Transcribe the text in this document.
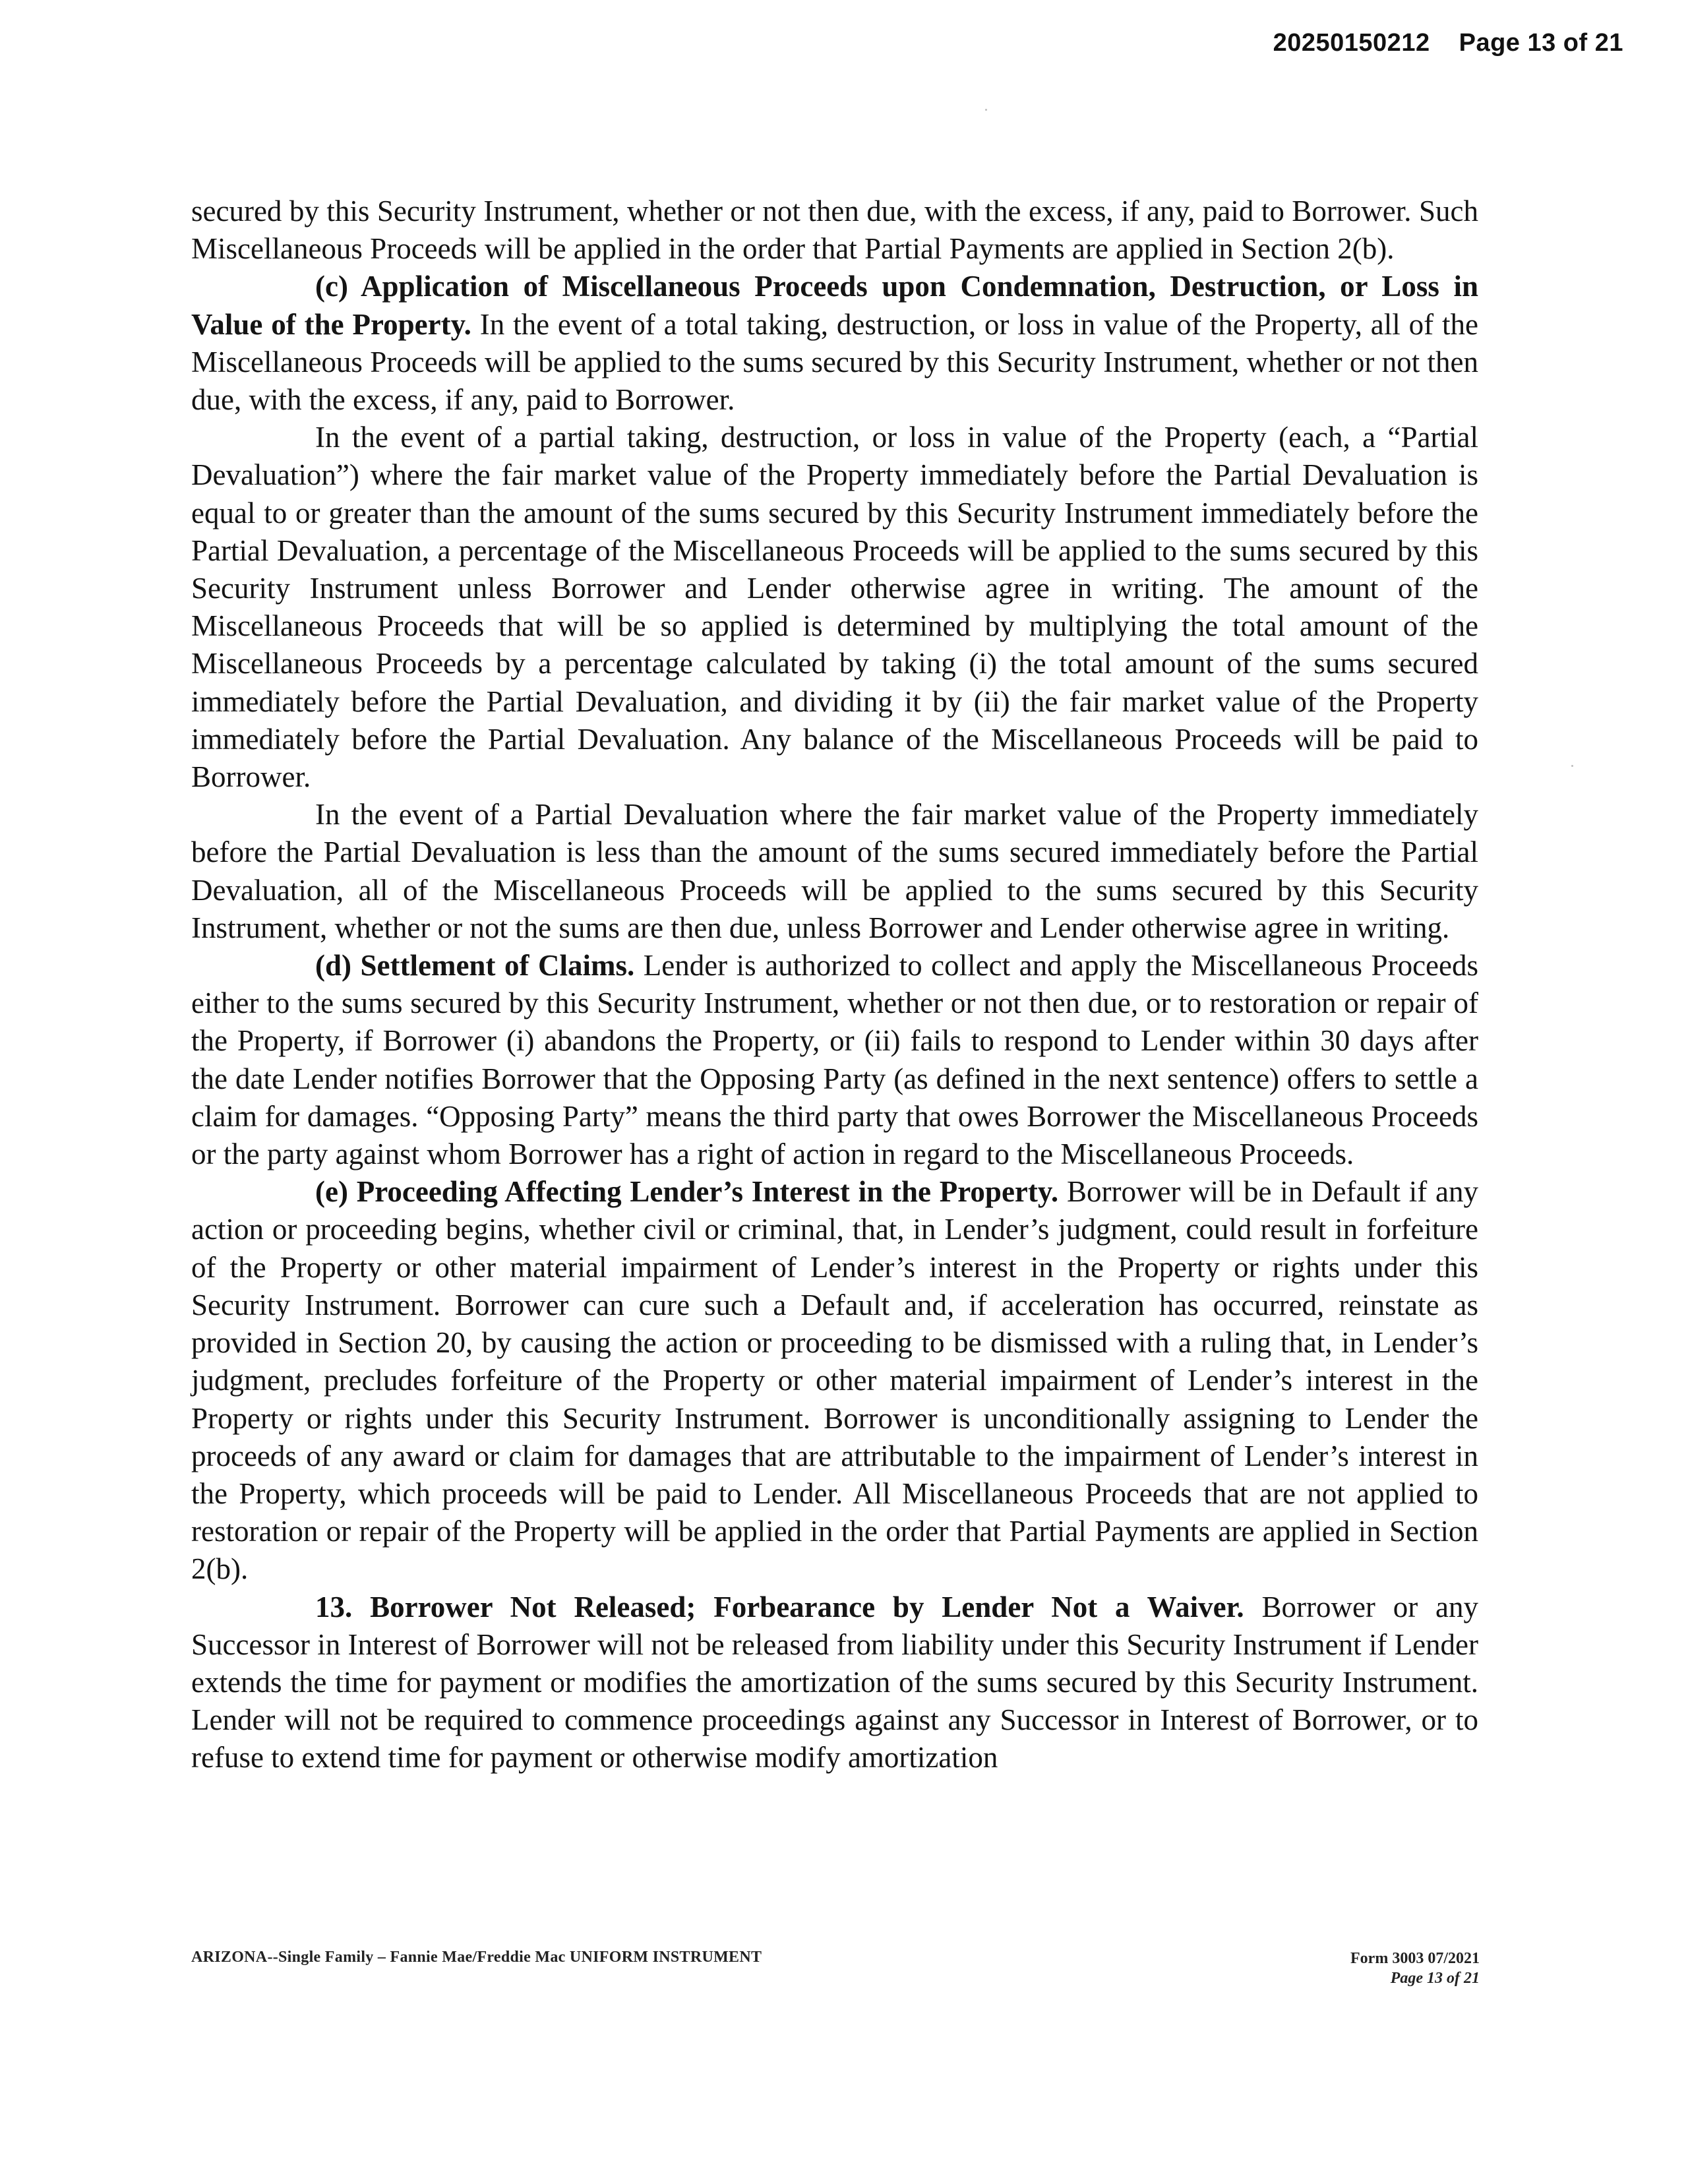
20250150212 Page 13 of 21

secured by this Security Instrument, whether or not then due, with the excess, if any, paid to Borrower. Such Miscellaneous Proceeds will be applied in the order that Partial Payments are applied in Section 2(b).

(c) Application of Miscellaneous Proceeds upon Condemnation, Destruction, or Loss in Value of the Property. In the event of a total taking, destruction, or loss in value of the Property, all of the Miscellaneous Proceeds will be applied to the sums secured by this Security Instrument, whether or not then due, with the excess, if any, paid to Borrower.

In the event of a partial taking, destruction, or loss in value of the Property (each, a “Partial Devaluation”) where the fair market value of the Property immediately before the Partial Devaluation is equal to or greater than the amount of the sums secured by this Security Instrument immediately before the Partial Devaluation, a percentage of the Miscellaneous Proceeds will be applied to the sums secured by this Security Instrument unless Borrower and Lender otherwise agree in writing. The amount of the Miscellaneous Proceeds that will be so applied is determined by multiplying the total amount of the Miscellaneous Proceeds by a percentage calculated by taking (i) the total amount of the sums secured immediately before the Partial Devaluation, and dividing it by (ii) the fair market value of the Property immediately before the Partial Devaluation. Any balance of the Miscellaneous Proceeds will be paid to Borrower.

In the event of a Partial Devaluation where the fair market value of the Property immediately before the Partial Devaluation is less than the amount of the sums secured immediately before the Partial Devaluation, all of the Miscellaneous Proceeds will be applied to the sums secured by this Security Instrument, whether or not the sums are then due, unless Borrower and Lender otherwise agree in writing.

(d) Settlement of Claims. Lender is authorized to collect and apply the Miscellaneous Proceeds either to the sums secured by this Security Instrument, whether or not then due, or to restoration or repair of the Property, if Borrower (i) abandons the Property, or (ii) fails to respond to Lender within 30 days after the date Lender notifies Borrower that the Opposing Party (as defined in the next sentence) offers to settle a claim for damages. “Opposing Party” means the third party that owes Borrower the Miscellaneous Proceeds or the party against whom Borrower has a right of action in regard to the Miscellaneous Proceeds.

(e) Proceeding Affecting Lender’s Interest in the Property. Borrower will be in Default if any action or proceeding begins, whether civil or criminal, that, in Lender’s judgment, could result in forfeiture of the Property or other material impairment of Lender’s interest in the Property or rights under this Security Instrument. Borrower can cure such a Default and, if acceleration has occurred, reinstate as provided in Section 20, by causing the action or proceeding to be dismissed with a ruling that, in Lender’s judgment, precludes forfeiture of the Property or other material impairment of Lender’s interest in the Property or rights under this Security Instrument. Borrower is unconditionally assigning to Lender the proceeds of any award or claim for damages that are attributable to the impairment of Lender’s interest in the Property, which proceeds will be paid to Lender. All Miscellaneous Proceeds that are not applied to restoration or repair of the Property will be applied in the order that Partial Payments are applied in Section 2(b).

13. Borrower Not Released; Forbearance by Lender Not a Waiver. Borrower or any Successor in Interest of Borrower will not be released from liability under this Security Instrument if Lender extends the time for payment or modifies the amortization of the sums secured by this Security Instrument. Lender will not be required to commence proceedings against any Successor in Interest of Borrower, or to refuse to extend time for payment or otherwise modify amortization

ARIZONA--Single Family – Fannie Mae/Freddie Mac UNIFORM INSTRUMENT	Form 3003 07/2021
Page 13 of 21
